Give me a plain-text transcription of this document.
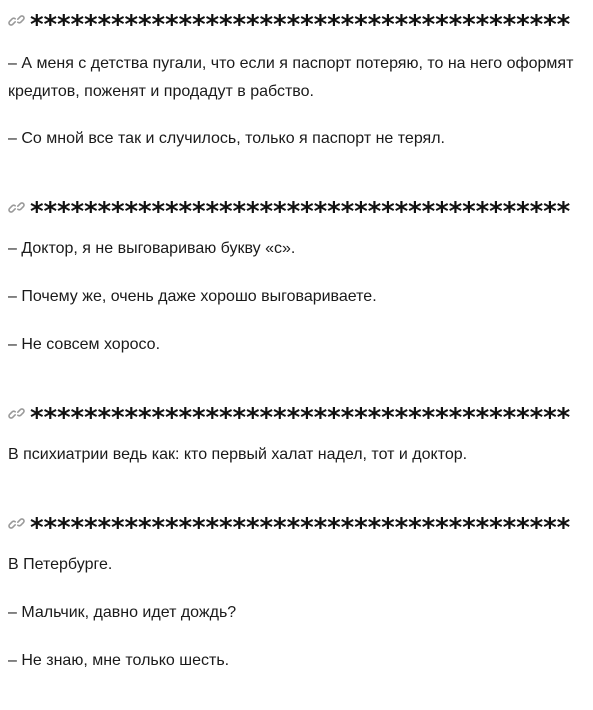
****************************************

– А меня с детства пугали, что если я паспорт потеряю, то на него оформят кредитов, поженят и продадут в рабство.

– Со мной все так и случилось, только я паспорт не терял.

****************************************

– Доктор, я не выговариваю букву «с».

– Почему же, очень даже хорошо выговариваете.

– Не совсем хоросо.

****************************************

В психиатрии ведь как: кто первый халат надел, тот и доктор.

****************************************

В Петербурге.

– Мальчик, давно идет дождь?

– Не знаю, мне только шесть.
